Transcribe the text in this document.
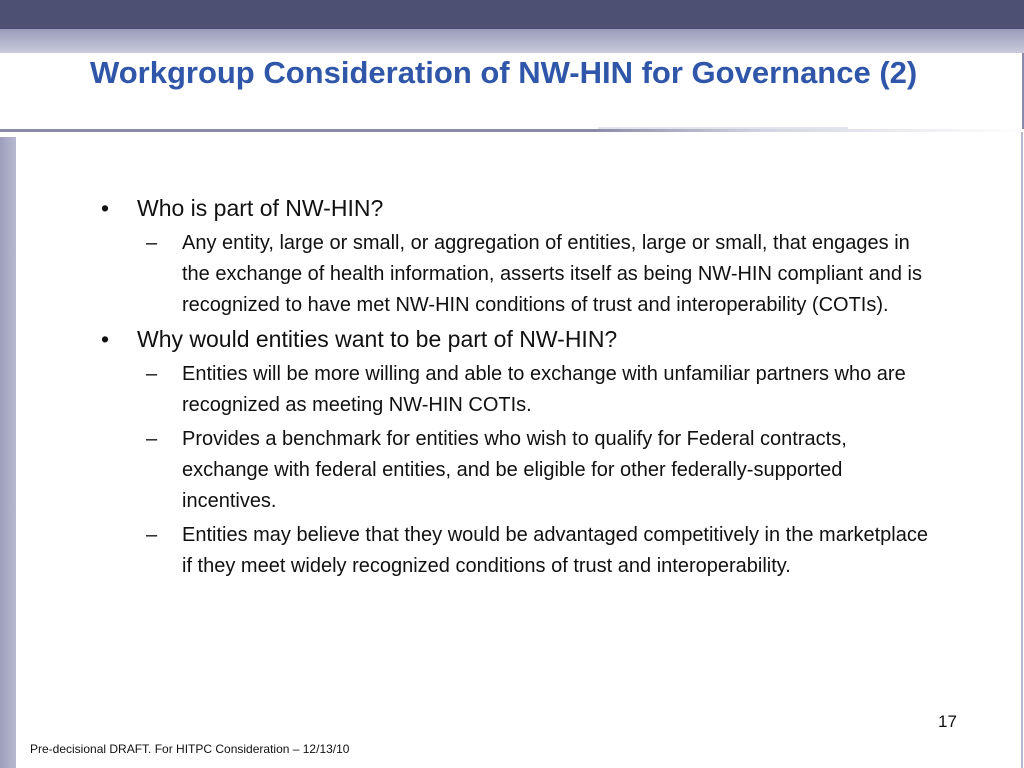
Workgroup Consideration of NW-HIN for Governance (2)
• Who is part of NW-HIN?
– Any entity, large or small, or aggregation of entities, large or small, that engages in the exchange of health information, asserts itself as being NW-HIN compliant and is recognized to have met NW-HIN conditions of trust and interoperability (COTIs).
• Why would entities want to be part of NW-HIN?
– Entities will be more willing and able to exchange with unfamiliar partners who are recognized as meeting NW-HIN COTIs.
– Provides a benchmark for entities who wish to qualify for Federal contracts, exchange with federal entities, and be eligible for other federally-supported incentives.
– Entities may believe that they would be advantaged competitively in the marketplace if they meet widely recognized conditions of trust and interoperability.
17
Pre-decisional DRAFT. For HITPC Consideration – 12/13/10
